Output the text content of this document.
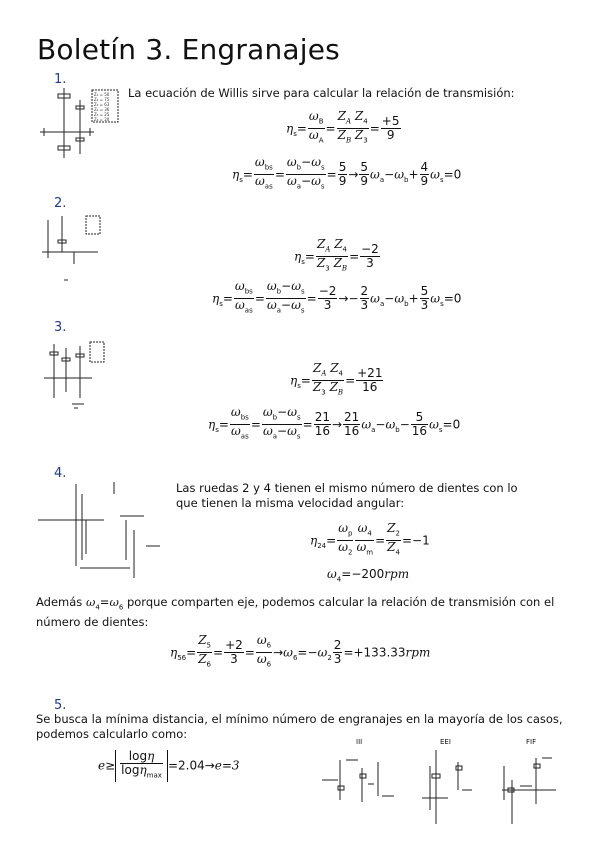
Boletín 3. Engranajes
1.
Z₁ = 50
Z₂ = 75
Z₃ = 63
Z₄ = 36
Z₅ = 25
Z₆ = 20
La ecuación de Willis sirve para calcular la relación de transmisión:
$\eta_s= \frac{\omega_B}{\omega_A} = \frac{Z_A Z_4}{Z_B Z_3} = \frac{+5}{9}$
$\eta_s= \frac{\omega_{bs}}{\omega_{as}} = \frac{\omega_b-\omega_s}{\omega_a-\omega_s} = \frac{5}{9} \to \frac{5}{9} \omega_a-\omega_b+ \frac{4}{9} \omega_s=0$
2.
$\eta_s= \frac{Z_A Z_4}{Z_3 Z_B} = \frac{-2}{3}$
$\eta_s= \frac{\omega_{bs}}{\omega_{as}} = \frac{\omega_b-\omega_s}{\omega_a-\omega_s} = \frac{-2}{3} \to- \frac{2}{3} \omega_a-\omega_b+ \frac{5}{3} \omega_s=0$
3.
$\eta_s= \frac{Z_A Z_4}{Z_3 Z_B} = \frac{+21}{16}$
$\eta_s= \frac{\omega_{bs}}{\omega_{as}} = \frac{\omega_b-\omega_s}{\omega_a-\omega_s} = \frac{21}{16} \to \frac{21}{16} \omega_a-\omega_b- \frac{5}{16} \omega_s=0$
4.
Las ruedas 2 y 4 tienen el mismo número de dientes con lo que tienen la misma velocidad angular:
$\eta_{24}= \frac{\omega_p}{\omega_2} \frac{\omega_4}{\omega_m} = \frac{Z_2}{Z_4} =-1$
$\omega_4=-200rpm$
Además $\omega_4=\omega_6$ porque comparten eje, podemos calcular la relación de transmisión con el número de dientes:
$\eta_{56}= \frac{Z_5}{Z_6} = \frac{+2}{3} = \frac{\omega_6}{\omega_6} \to\omega_6=-\omega_2 \frac{2}{3} =+133.33rpm$
5.
Se busca la mínima distancia, el mínimo número de engranajes en la mayoría de los casos, podemos calcularlo como:
$e\ge \frac{\log\eta}{\log\eta_{max}} =2.04\to e=3$
III	EEI	FIF
